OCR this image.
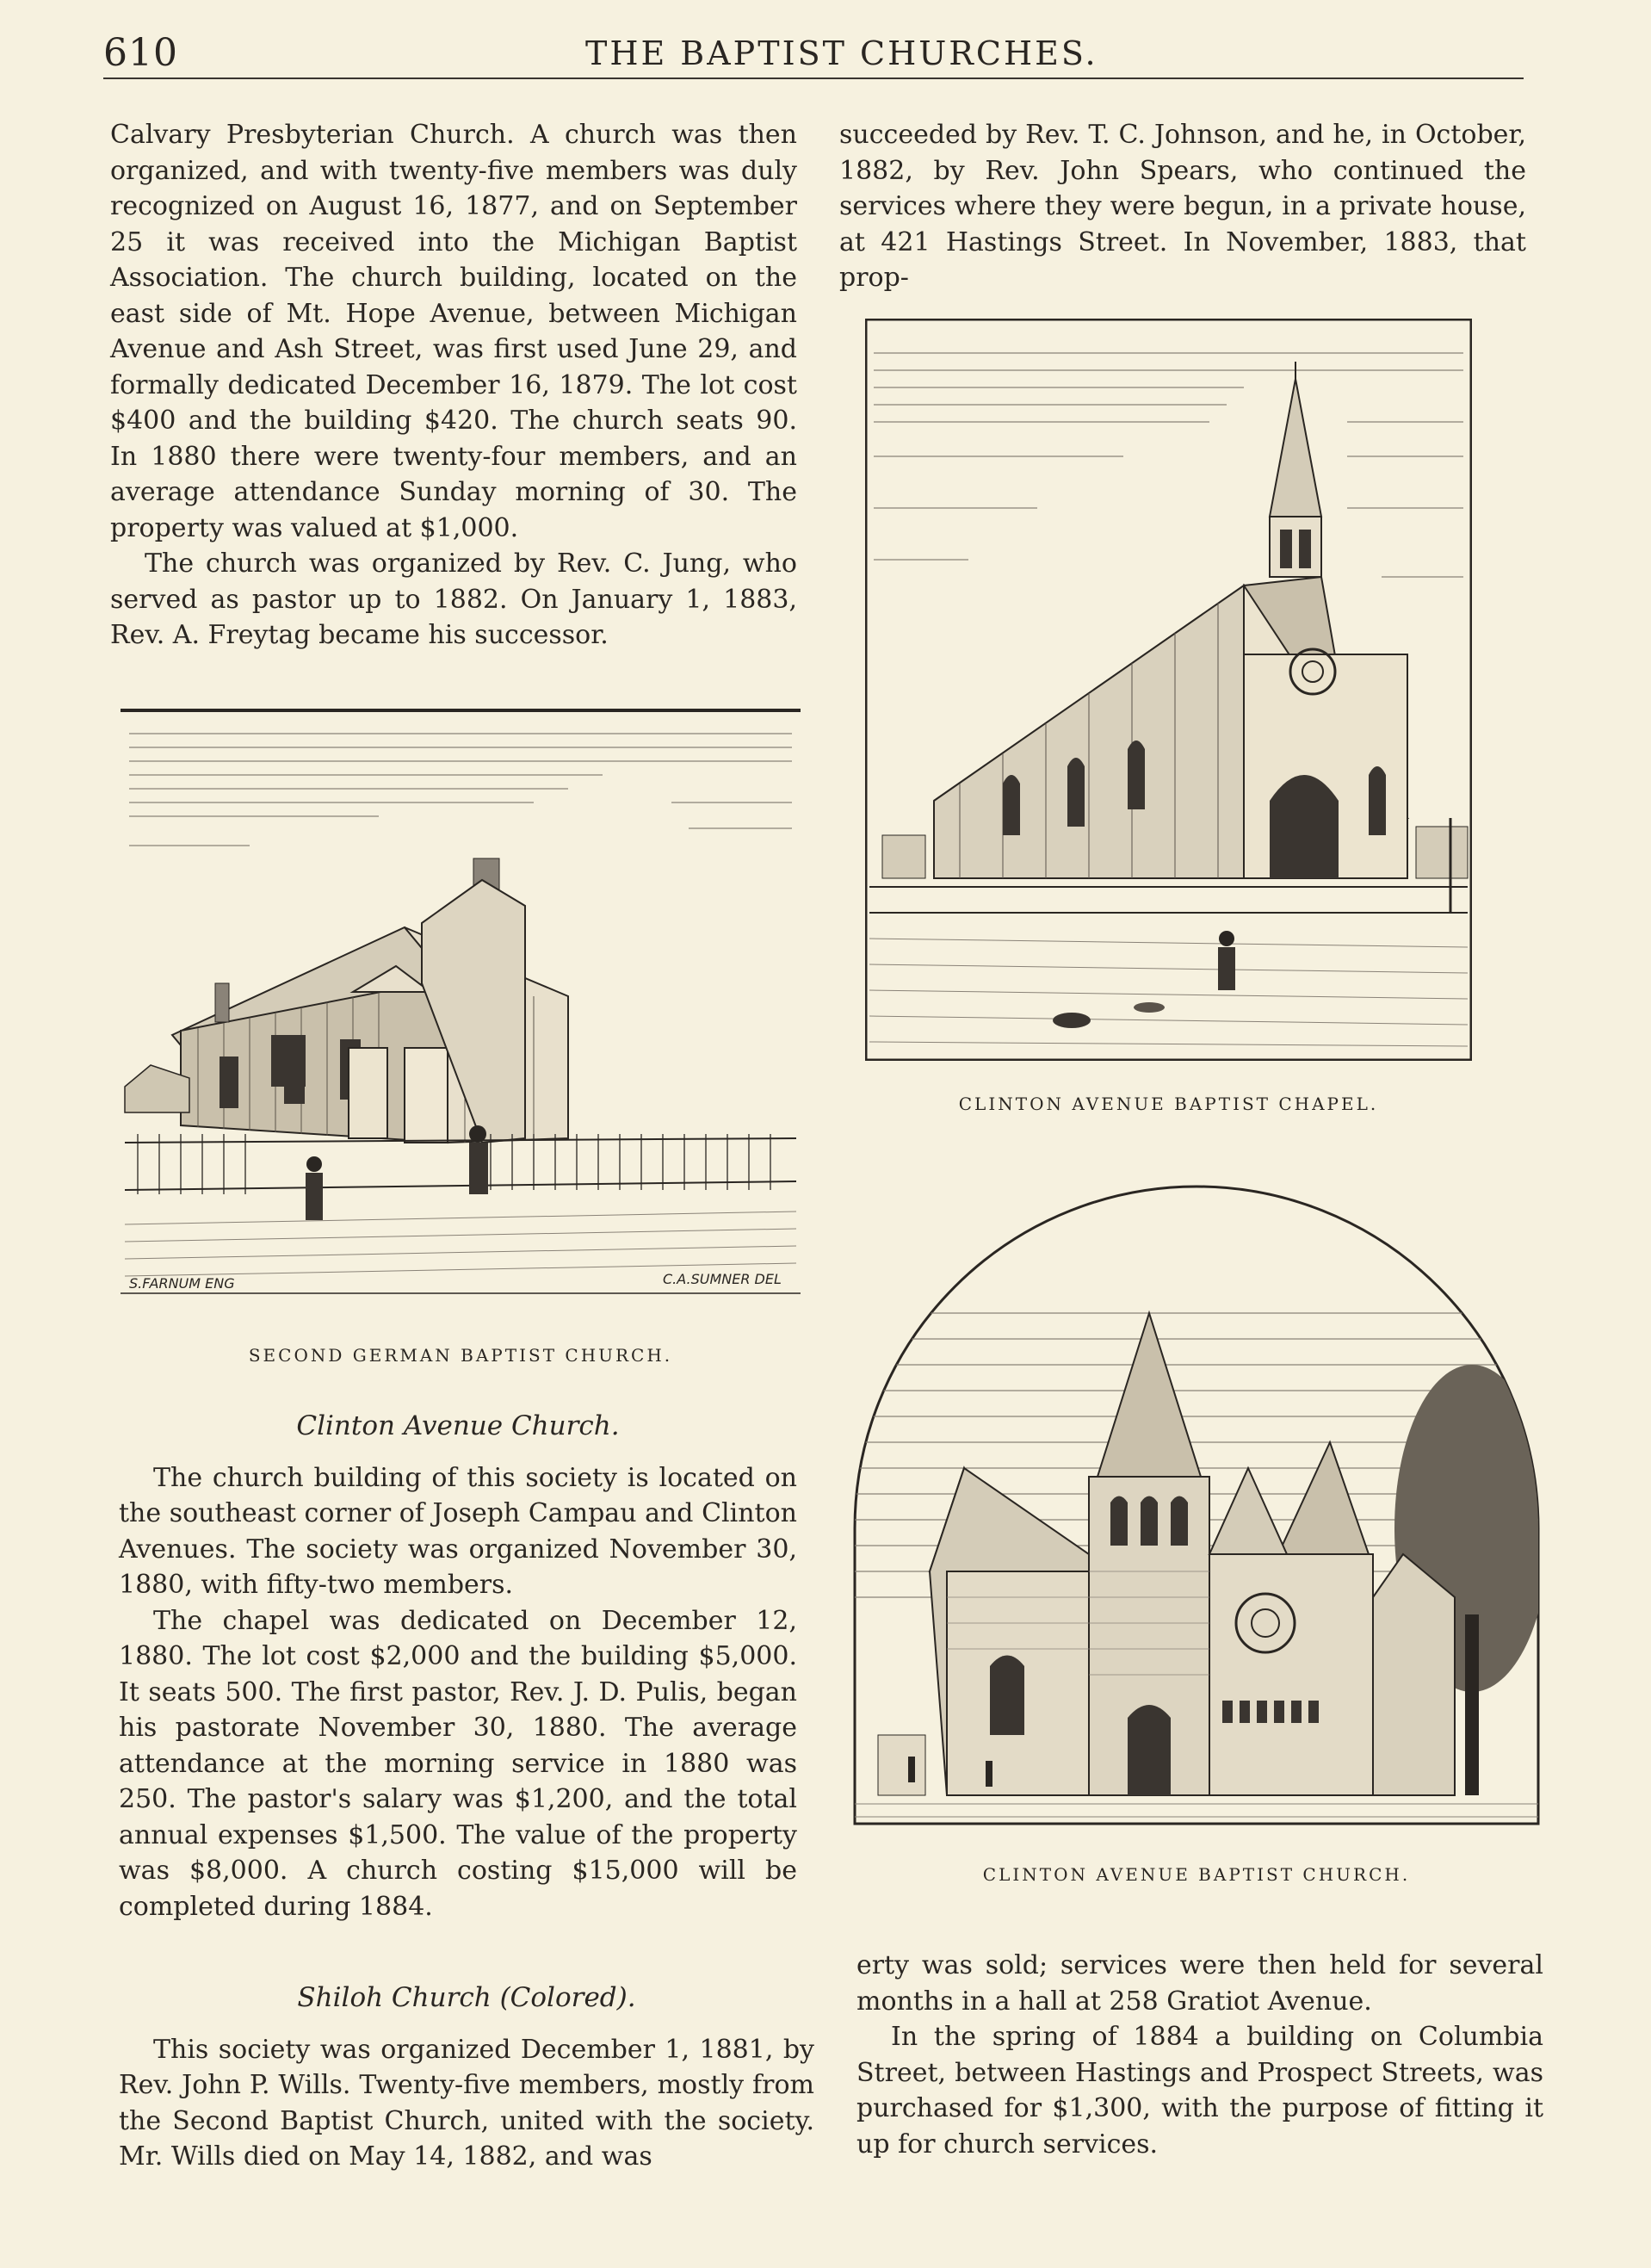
610	THE BAPTIST CHURCHES.

Calvary Presbyterian Church. A church was then organized, and with twenty-five members was duly recognized on August 16, 1877, and on September 25 it was received into the Michigan Baptist Association. The church building, located on the east side of Mt. Hope Avenue, between Michigan Avenue and Ash Street, was first used June 29, and formally dedicated December 16, 1879. The lot cost $400 and the building $420. The church seats 90. In 1880 there were twenty-four members, and an average attendance Sunday morning of 30. The property was valued at $1,000.

The church was organized by Rev. C. Jung, who served as pastor up to 1882. On January 1, 1883, Rev. A. Freytag became his successor.

S.FARNUM ENG	C.A.SUMNER DEL
SECOND GERMAN BAPTIST CHURCH.

Clinton Avenue Church.

The church building of this society is located on the southeast corner of Joseph Campau and Clinton Avenues. The society was organized November 30, 1880, with fifty-two members.

The chapel was dedicated on December 12, 1880. The lot cost $2,000 and the building $5,000. It seats 500. The first pastor, Rev. J. D. Pulis, began his pastorate November 30, 1880. The average attendance at the morning service in 1880 was 250. The pastor's salary was $1,200, and the total annual expenses $1,500. The value of the property was $8,000. A church costing $15,000 will be completed during 1884.

Shiloh Church (Colored).

This society was organized December 1, 1881, by Rev. John P. Wills. Twenty-five members, mostly from the Second Baptist Church, united with the society. Mr. Wills died on May 14, 1882, and was

succeeded by Rev. T. C. Johnson, and he, in October, 1882, by Rev. John Spears, who continued the services where they were begun, in a private house, at 421 Hastings Street. In November, 1883, that prop-

CLINTON AVENUE BAPTIST CHAPEL.
CLINTON AVENUE BAPTIST CHURCH.

erty was sold; services were then held for several months in a hall at 258 Gratiot Avenue.

In the spring of 1884 a building on Columbia Street, between Hastings and Prospect Streets, was purchased for $1,300, with the purpose of fitting it up for church services.
